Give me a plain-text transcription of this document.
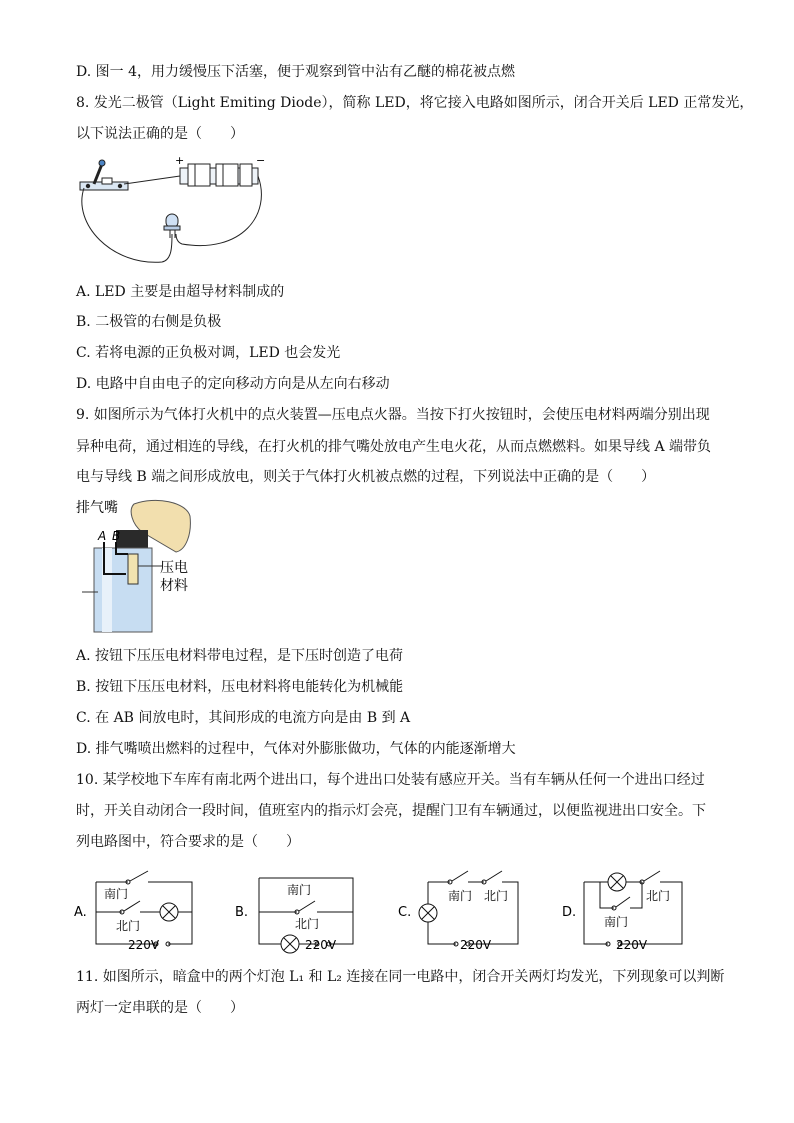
D. 图一 4，用力缓慢压下活塞，便于观察到管中沾有乙醚的棉花被点燃
8. 发光二极管（Light Emiting Diode），简称 LED，将它接入电路如图所示，闭合开关后 LED 正常发光，
以下说法正确的是（　　）
+	−
A. LED 主要是由超导材料制成的
B. 二极管的右侧是负极
C. 若将电源的正负极对调，LED 也会发光
D. 电路中自由电子的定向移动方向是从左向右移动
9. 如图所示为气体打火机中的点火装置—压电点火器。当按下打火按钮时，会使压电材料两端分别出现
异种电荷，通过相连的导线，在打火机的排气嘴处放电产生电火花，从而点燃燃料。如果导线 A 端带负
电与导线 B 端之间形成放电，则关于气体打火机被点燃的过程，下列说法中正确的是（　　）
排气嘴
A B
压电
材料
A. 按钮下压压电材料带电过程，是下压时创造了电荷
B. 按钮下压压电材料，压电材料将电能转化为机械能
C. 在 AB 间放电时，其间形成的电流方向是由 B 到 A
D. 排气嘴喷出燃料的过程中，气体对外膨胀做功，气体的内能逐渐增大
10. 某学校地下车库有南北两个进出口，每个进出口处装有感应开关。当有车辆从任何一个进出口经过
时，开关自动闭合一段时间，值班室内的指示灯会亮，提醒门卫有车辆通过，以便监视进出口安全。下
列电路图中，符合要求的是（　　）
A.
南门
北门
220V
B.
南门
北门
220V
C.
南门 北门
220V
D.
北门
南门
220V
11. 如图所示，暗盒中的两个灯泡 L₁ 和 L₂ 连接在同一电路中，闭合开关两灯均发光，下列现象可以判断
两灯一定串联的是（　　）
